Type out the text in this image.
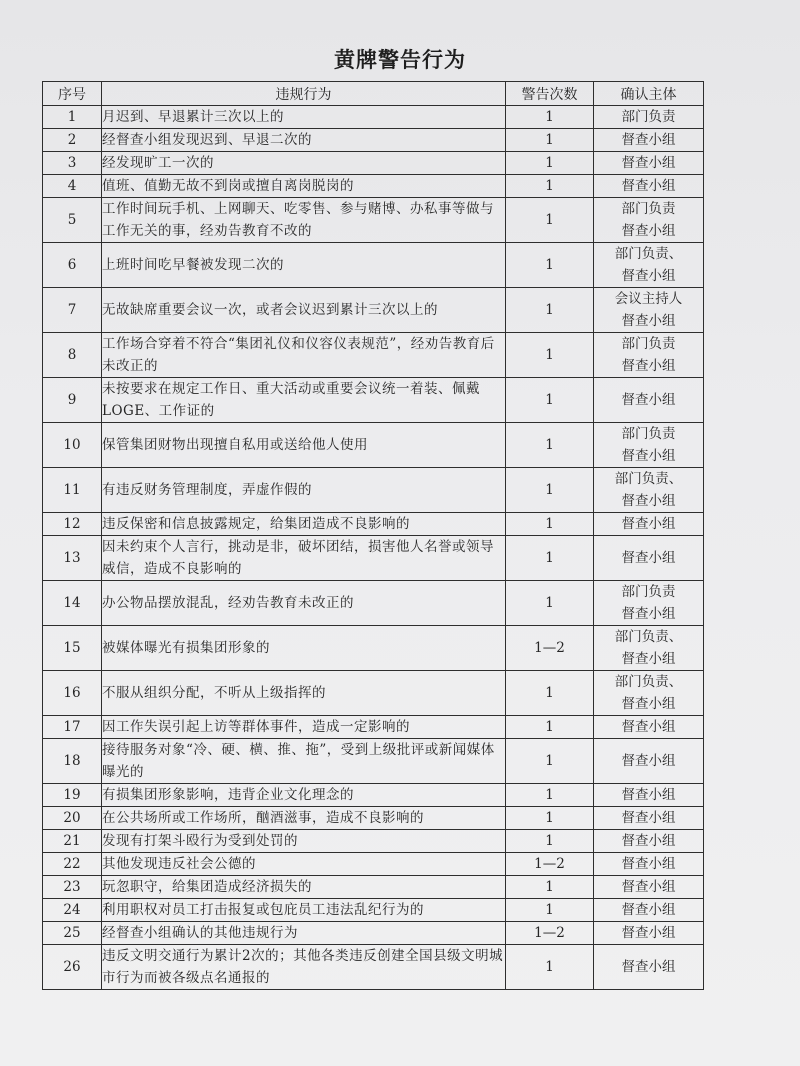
黄牌警告行为
序号	违规行为	警告次数	确认主体
1	月迟到、早退累计三次以上的	1	部门负责
2	经督查小组发现迟到、早退二次的	1	督查小组
3	经发现旷工一次的	1	督查小组
4	值班、值勤无故不到岗或擅自离岗脱岗的	1	督查小组
5	工作时间玩手机、上网聊天、吃零售、参与赌博、办私事等做与工作无关的事，经劝告教育不改的	1	部门负责
督查小组
6	上班时间吃早餐被发现二次的	1	部门负责、
督查小组
7	无故缺席重要会议一次，或者会议迟到累计三次以上的	1	会议主持人
督查小组
8	工作场合穿着不符合“集团礼仪和仪容仪表规范”，经劝告教育后未改正的	1	部门负责
督查小组
9	未按要求在规定工作日、重大活动或重要会议统一着装、佩戴LOGE、工作证的	1	督查小组
10	保管集团财物出现擅自私用或送给他人使用	1	部门负责
督查小组
11	有违反财务管理制度，弄虚作假的	1	部门负责、
督查小组
12	违反保密和信息披露规定，给集团造成不良影响的	1	督查小组
13	因未约束个人言行，挑动是非，破坏团结，损害他人名誉或领导威信，造成不良影响的	1	督查小组
14	办公物品摆放混乱，经劝告教育未改正的	1	部门负责
督查小组
15	被媒体曝光有损集团形象的	1—2	部门负责、
督查小组
16	不服从组织分配，不听从上级指挥的	1	部门负责、
督查小组
17	因工作失误引起上访等群体事件，造成一定影响的	1	督查小组
18	接待服务对象“冷、硬、横、推、拖”，受到上级批评或新闻媒体曝光的	1	督查小组
19	有损集团形象影响，违背企业文化理念的	1	督查小组
20	在公共场所或工作场所，酗酒滋事，造成不良影响的	1	督查小组
21	发现有打架斗殴行为受到处罚的	1	督查小组
22	其他发现违反社会公德的	1—2	督查小组
23	玩忽职守，给集团造成经济损失的	1	督查小组
24	利用职权对员工打击报复或包庇员工违法乱纪行为的	1	督查小组
25	经督查小组确认的其他违规行为	1—2	督查小组
26	违反文明交通行为累计2次的；其他各类违反创建全国县级文明城市行为而被各级点名通报的	1	督查小组
